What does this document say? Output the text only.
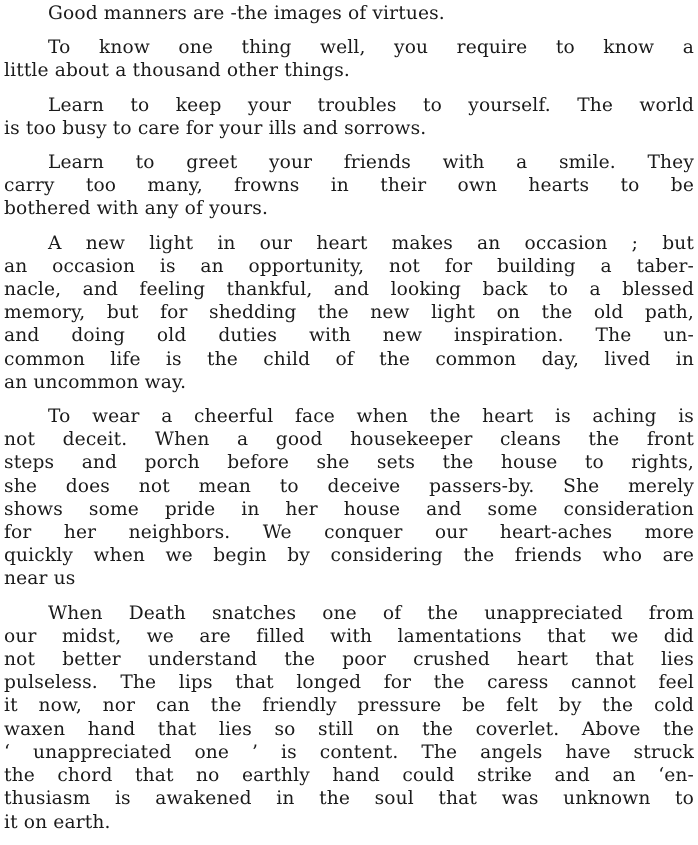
Good manners are -the images of virtues.

To know one thing well, you require to know a
little about a thousand other things.

Learn to keep your troubles to yourself. The world
is too busy to care for your ills and sorrows.

Learn to greet your friends with a smile. They
carry too many, frowns in their own hearts to be
bothered with any of yours.

A new light in our heart makes an occasion ; but
an occasion is an opportunity, not for building a taber-
nacle, and feeling thankful, and looking back to a blessed
memory, but for shedding the new light on the old path,
and doing old duties with new inspiration. The un-
common life is the child of the common day, lived in
an uncommon way.

To wear a cheerful face when the heart is aching is
not deceit. When a good housekeeper cleans the front
steps and porch before she sets the house to rights,
she does not mean to deceive passers-by. She merely
shows some pride in her house and some consideration
for her neighbors. We conquer our heart-aches more
quickly when we begin by considering the friends who are
near us

When Death snatches one of the unappreciated from
our midst, we are filled with lamentations that we did
not better understand the poor crushed heart that lies
pulseless. The lips that longed for the caress cannot feel
it now, nor can the friendly pressure be felt by the cold
waxen hand that lies so still on the coverlet. Above the
‘ unappreciated one ’ is content. The angels have struck
the chord that no earthly hand could strike and an ‘en-
thusiasm is awakened in the soul that was unknown to
it on earth.
